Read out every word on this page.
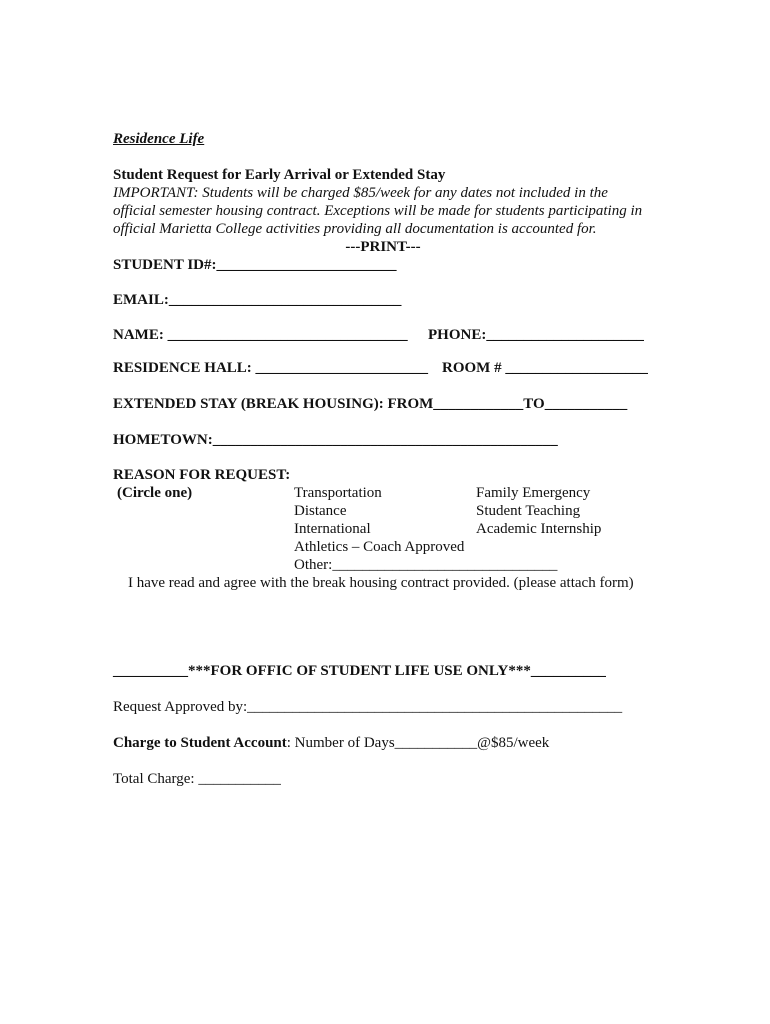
Residence Life
Student Request for Early Arrival or Extended Stay
IMPORTANT: Students will be charged $85/week for any dates not included in the
official semester housing contract. Exceptions will be made for students participating in
official Marietta College activities providing all documentation is accounted for.
---PRINT---
STUDENT ID#:________________________
EMAIL:_______________________________
NAME: ________________________________ PHONE:_____________________
RESIDENCE HALL: _______________________ ROOM # ___________________
EXTENDED STAY (BREAK HOUSING): FROM____________TO___________
HOMETOWN:______________________________________________
REASON FOR REQUEST:
(Circle one)	Transportation
Distance
International
Athletics – Coach Approved
Other:______________________________
Family Emergency
Student Teaching
Academic Internship
I have read and agree with the break housing contract provided. (please attach form)
__________***FOR OFFIC OF STUDENT LIFE USE ONLY***__________
Request Approved by:__________________________________________________
Charge to Student Account: Number of Days___________@$85/week
Total Charge: ___________
